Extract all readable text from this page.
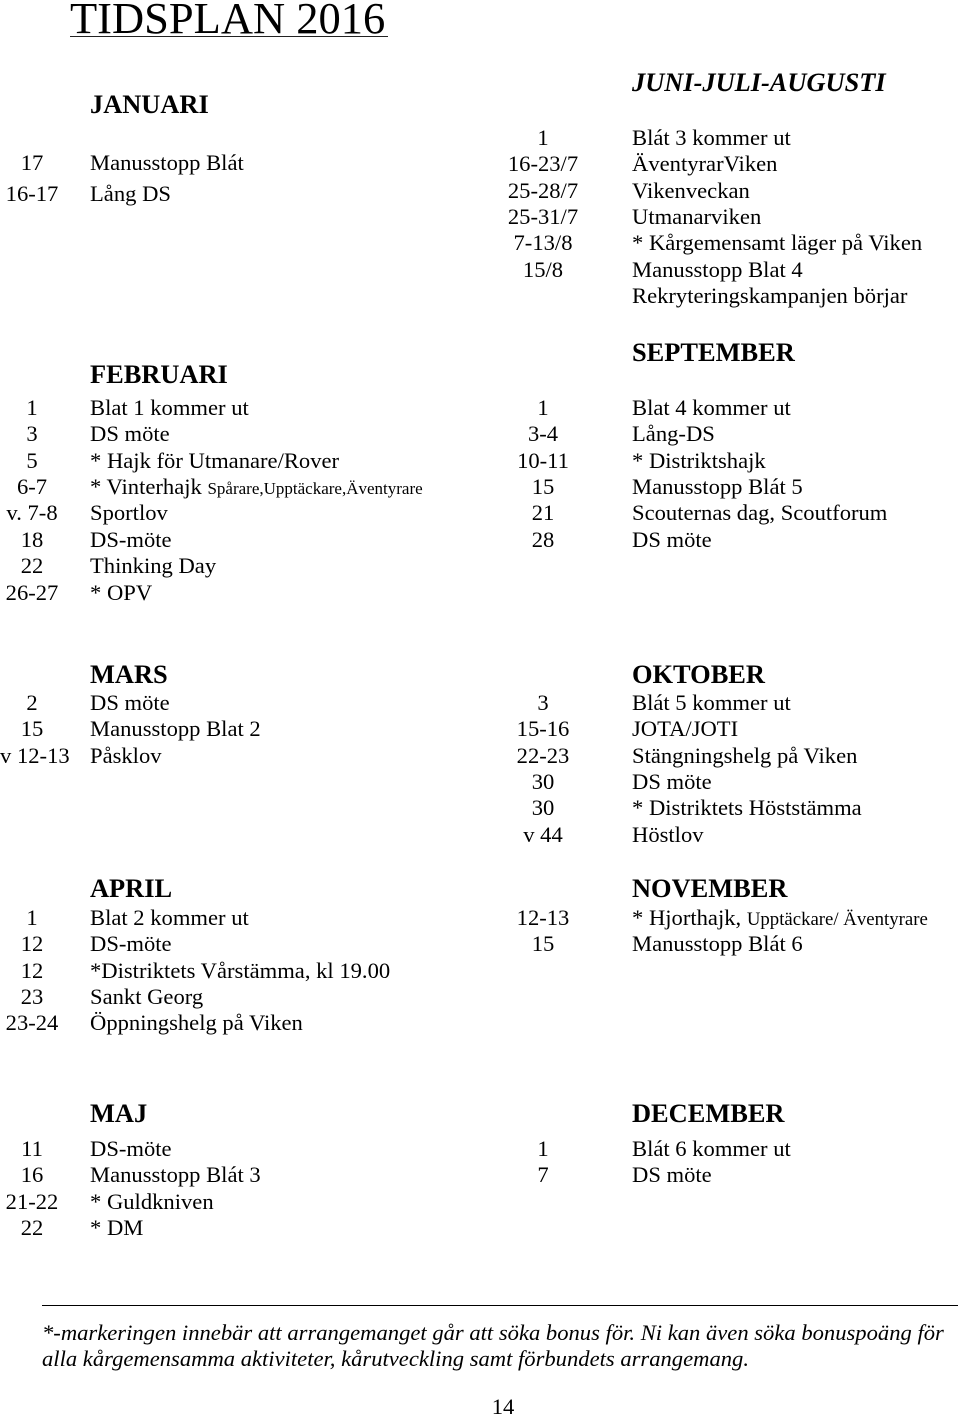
TIDSPLAN 2016
JANUARI
17	Manusstopp Blát
16-17 Lång DS
FEBRUARI
1	Blat 1 kommer ut
3	DS möte
5	* Hajk för Utmanare/Rover
6-7	* Vinterhajk Spårare,Upptäckare,Äventyrare
v. 7-8 Sportlov
18	DS-möte
22	Thinking Day
26-27 * OPV
MARS
2	DS möte
15	Manusstopp Blat 2
v 12-13 Påsklov
APRIL
1	Blat 2 kommer ut
12	DS-möte
12	*Distriktets Vårstämma, kl 19.00
23	Sankt Georg
23-24 Öppningshelg på Viken
MAJ
11	DS-möte
16	Manusstopp Blát 3
21-22 * Guldkniven
22	* DM
JUNI-JULI-AUGUSTI
1	Blát 3 kommer ut
16-23/7 ÄventyrarViken
25-28/7 Vikenveckan
25-31/7 Utmanarviken
7-13/8	* Kårgemensamt läger på Viken
15/8	Manusstopp Blat 4
Rekryteringskampanjen börjar
SEPTEMBER
1	Blat 4 kommer ut
3-4	Lång-DS
10-11	* Distriktshajk
15	Manusstopp Blát 5
21	Scouternas dag, Scoutforum
28	DS möte
OKTOBER
3	Blát 5 kommer ut
15-16	JOTA/JOTI
22-23	Stängningshelg på Viken
30	DS möte
30	* Distriktets Höststämma
v 44	Höstlov
NOVEMBER
12-13	* Hjorthajk, Upptäckare/ Äventyrare
15	Manusstopp Blát 6
DECEMBER
1	Blát 6 kommer ut
7	DS möte
*-markeringen innebär att arrangemanget går att söka bonus för. Ni kan även söka bonuspoäng för
alla kårgemensamma aktiviteter, kårutveckling samt förbundets arrangemang.
14
